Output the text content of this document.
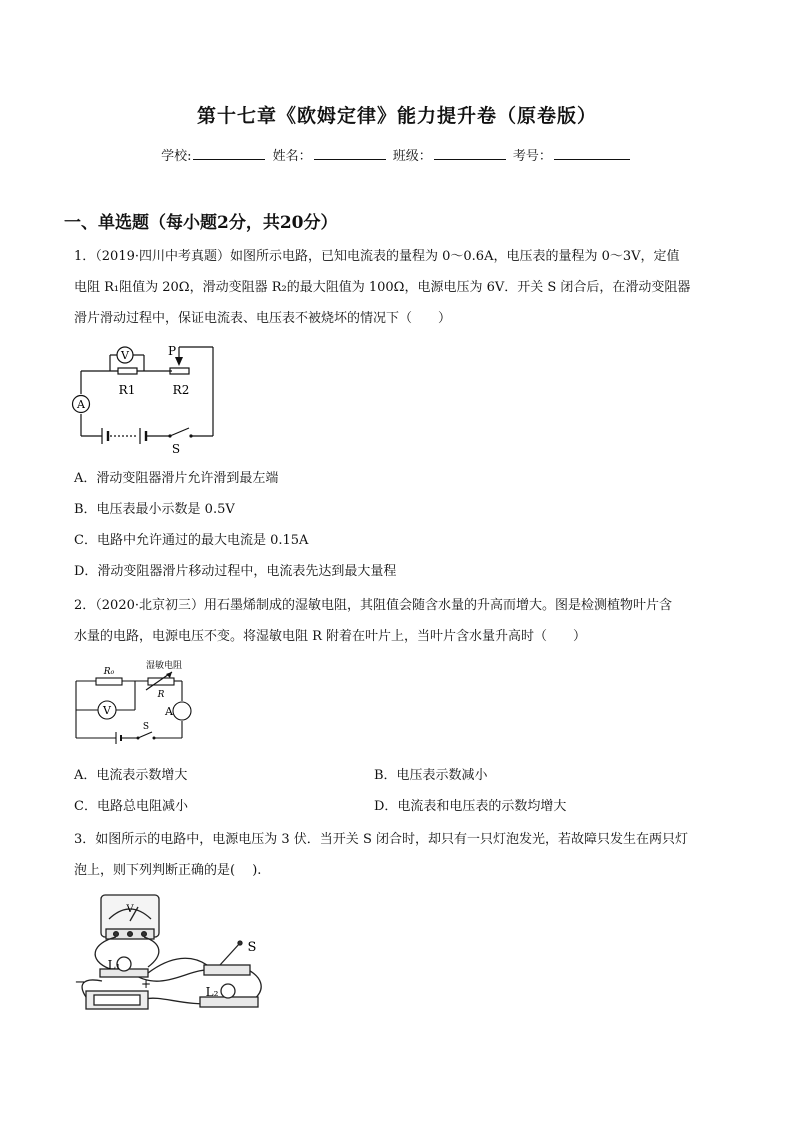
第十七章《欧姆定律》能力提升卷（原卷版）
学校:	姓名：	班级：	考号：
一、单选题（每小题2分，共20分）
1．（2019·四川中考真题）如图所示电路，已知电流表的量程为 0～0.6A，电压表的量程为 0～3V，定值
电阻 R₁阻值为 20Ω，滑动变阻器 R₂的最大阻值为 100Ω，电源电压为 6V．开关 S 闭合后，在滑动变阻器
滑片滑动过程中，保证电流表、电压表不被烧坏的情况下（　　）
A
V
R1	R2
P
S
A．滑动变阻器滑片允许滑到最左端
B．电压表最小示数是 0.5V
C．电路中允许通过的最大电流是 0.15A
D．滑动变阻器滑片移动过程中，电流表先达到最大量程
2．（2020·北京初三）用石墨烯制成的湿敏电阻，其阻值会随含水量的升高而增大。图是检测植物叶片含
水量的电路，电源电压不变。将湿敏电阻 R 附着在叶片上，当叶片含水量升高时（　　）
V	A
R₀
湿敏电阻
R
S
A．电流表示数增大	B．电压表示数减小
C．电路总电阻减小	D．电流表和电压表的示数均增大
3．如图所示的电路中，电源电压为 3 伏．当开关 S 闭合时，却只有一只灯泡发光，若故障只发生在两只灯
泡上，则下列判断正确的是(　 ).
V
L₁
L₂
S
−	+
